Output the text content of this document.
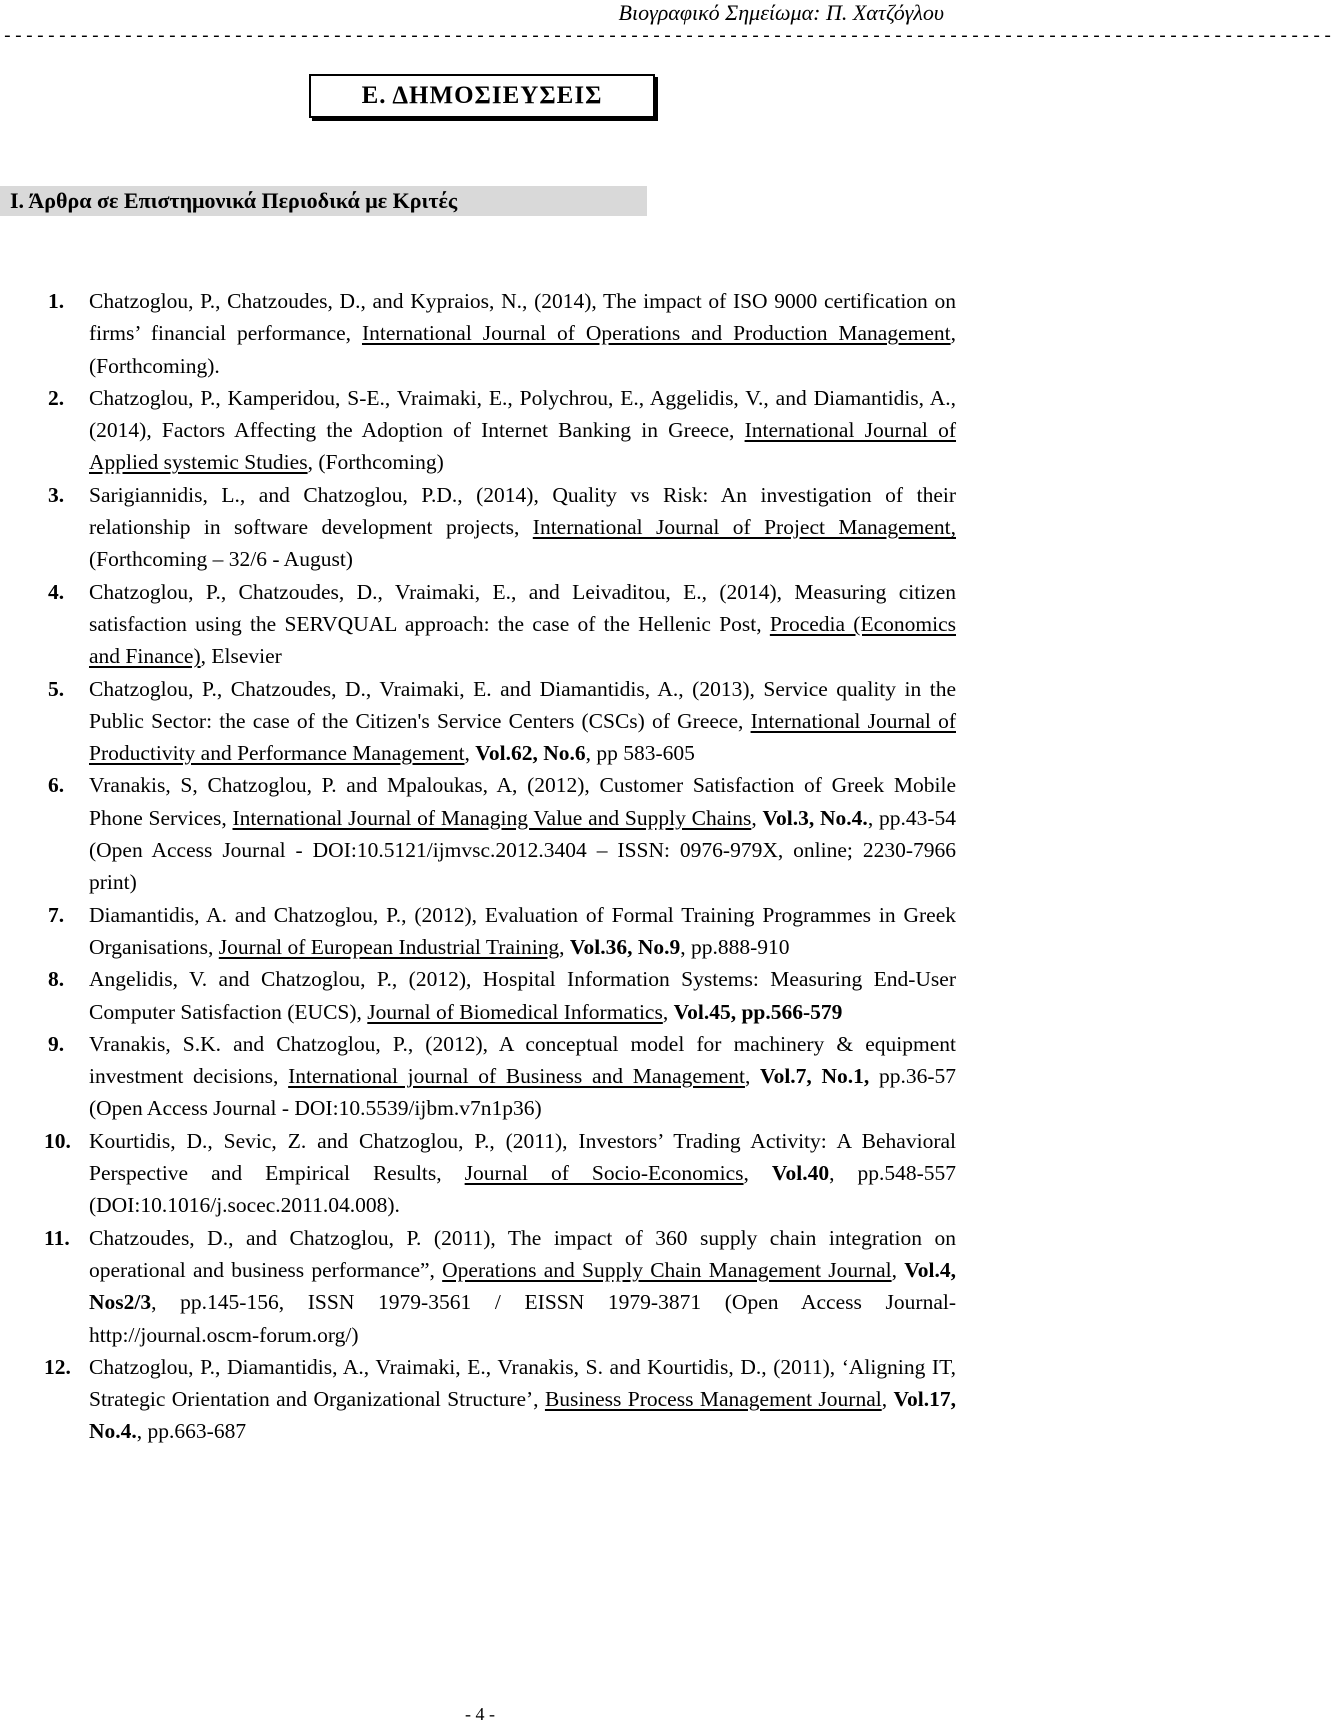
Βιογραφικό Σημείωμα: Π. Χατζόγλου
-------------------------------------------------------------------------------------------------------------------------
Ε. ΔΗΜΟΣΙΕΥΣΕΙΣ
Ι. Άρθρα σε Επιστημονικά Περιοδικά με Κριτές
1. Chatzoglou, P., Chatzoudes, D., and Kypraios, N., (2014), The impact of ISO 9000 certification on firms’ financial performance, International Journal of Operations and Production Management,(Forthcoming).
2. Chatzoglou, P., Kamperidou, S-E., Vraimaki, E., Polychrou, E., Aggelidis, V., and Diamantidis, A., (2014), Factors Affecting the Adoption of Internet Banking in Greece, International Journal of Applied systemic Studies, (Forthcoming)
3. Sarigiannidis, L., and Chatzoglou, P.D., (2014), Quality vs Risk: An investigation of their relationship in software development projects, International Journal of Project Management, (Forthcoming – 32/6 - August)
4. Chatzoglou, P., Chatzoudes, D., Vraimaki, E., and Leivaditou, E., (2014), Measuring citizen satisfaction using the SERVQUAL approach: the case of the Hellenic Post, Procedia (Economics and Finance), Elsevier
5. Chatzoglou, P., Chatzoudes, D., Vraimaki, E. and Diamantidis, A., (2013), Service quality in the Public Sector: the case of the Citizen's Service Centers (CSCs) of Greece, International Journal of Productivity and Performance Management, Vol.62, No.6, pp 583-605
6. Vranakis, S, Chatzoglou, P. and Mpaloukas, A, (2012), Customer Satisfaction of Greek Mobile Phone Services, International Journal of Managing Value and Supply Chains, Vol.3, No.4., pp.43-54 (Open Access Journal - DOI:10.5121/ijmvsc.2012.3404 – ISSN: 0976-979X, online; 2230-7966 print)
7. Diamantidis, A. and Chatzoglou, P., (2012), Evaluation of Formal Training Programmes in Greek Organisations, Journal of European Industrial Training, Vol.36, No.9, pp.888-910
8. Angelidis, V. and Chatzoglou, P., (2012), Hospital Information Systems: Measuring End-User Computer Satisfaction (EUCS), Journal of Biomedical Informatics, Vol.45, pp.566-579
9. Vranakis, S.K. and Chatzoglou, P., (2012), A conceptual model for machinery & equipment investment decisions, International journal of Business and Management, Vol.7, No.1, pp.36-57 (Open Access Journal - DOI:10.5539/ijbm.v7n1p36)
10. Kourtidis, D., Sevic, Z. and Chatzoglou, P., (2011), Investors’ Trading Activity: A Behavioral Perspective and Empirical Results, Journal of Socio-Economics, Vol.40, pp.548-557 (DOI:10.1016/j.socec.2011.04.008).
11. Chatzoudes, D., and Chatzoglou, P. (2011), The impact of 360 supply chain integration on operational and business performance”, Operations and Supply Chain Management Journal, Vol.4, Nos2/3, pp.145-156, ISSN 1979-3561 / EISSN 1979-3871 (Open Access Journal- http://journal.oscm-forum.org/)
12. Chatzoglou, P., Diamantidis, A., Vraimaki, E., Vranakis, S. and Kourtidis, D., (2011), ‘Aligning IT, Strategic Orientation and Organizational Structure’, Business Process Management Journal, Vol.17, No.4., pp.663-687
- 4 -
